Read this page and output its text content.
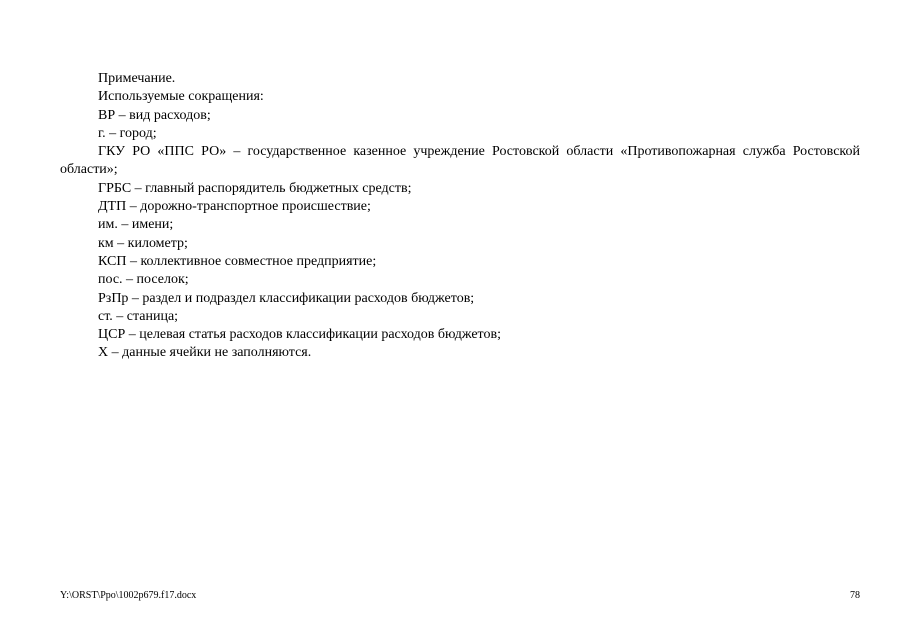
Примечание.

Используемые сокращения:

ВР – вид расходов;

г. – город;

ГКУ РО «ППС РО» – государственное казенное учреждение Ростовской области «Противопожарная служба Ростовской области»;

ГРБС – главный распорядитель бюджетных средств;

ДТП – дорожно-транспортное происшествие;

им. – имени;

км – километр;

КСП – коллективное совместное предприятие;

пос. – поселок;

РзПр – раздел и подраздел классификации расходов бюджетов;

ст. – станица;

ЦСР – целевая статья расходов классификации расходов бюджетов;

Х – данные ячейки не заполняются.

Y:\ORST\Ppo\1002p679.f17.docx	78
